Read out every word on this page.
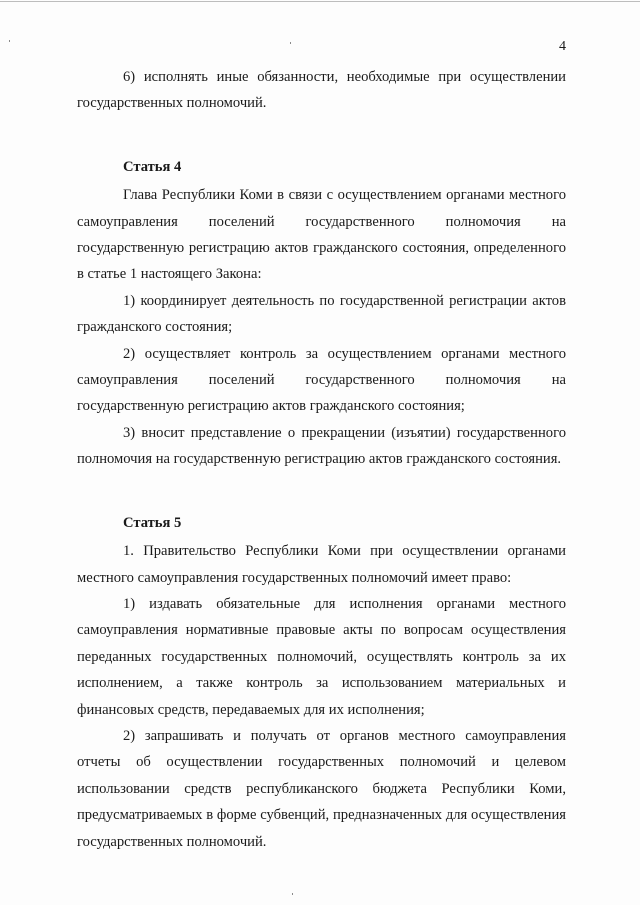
4

6) исполнять иные обязанности, необходимые при осуществлении государственных полномочий.

Статья 4

Глава Республики Коми в связи с осуществлением органами местного самоуправления поселений государственного полномочия на государственную регистрацию актов гражданского состояния, определенного в статье 1 настоящего Закона:

1) координирует деятельность по государственной регистрации актов гражданского состояния;

2) осуществляет контроль за осуществлением органами местного самоуправления поселений государственного полномочия на государственную регистрацию актов гражданского состояния;

3) вносит представление о прекращении (изъятии) государственного полномочия на государственную регистрацию актов гражданского состояния.

Статья 5

1. Правительство Республики Коми при осуществлении органами местного самоуправления государственных полномочий имеет право:

1) издавать обязательные для исполнения органами местного самоуправления нормативные правовые акты по вопросам осуществления переданных государственных полномочий, осуществлять контроль за их исполнением, а также контроль за использованием материальных и финансовых средств, передаваемых для их исполнения;

2) запрашивать и получать от органов местного самоуправления отчеты об осуществлении государственных полномочий и целевом использовании средств республиканского бюджета Республики Коми, предусматриваемых в форме субвенций, предназначенных для осуществления государственных полномочий.
